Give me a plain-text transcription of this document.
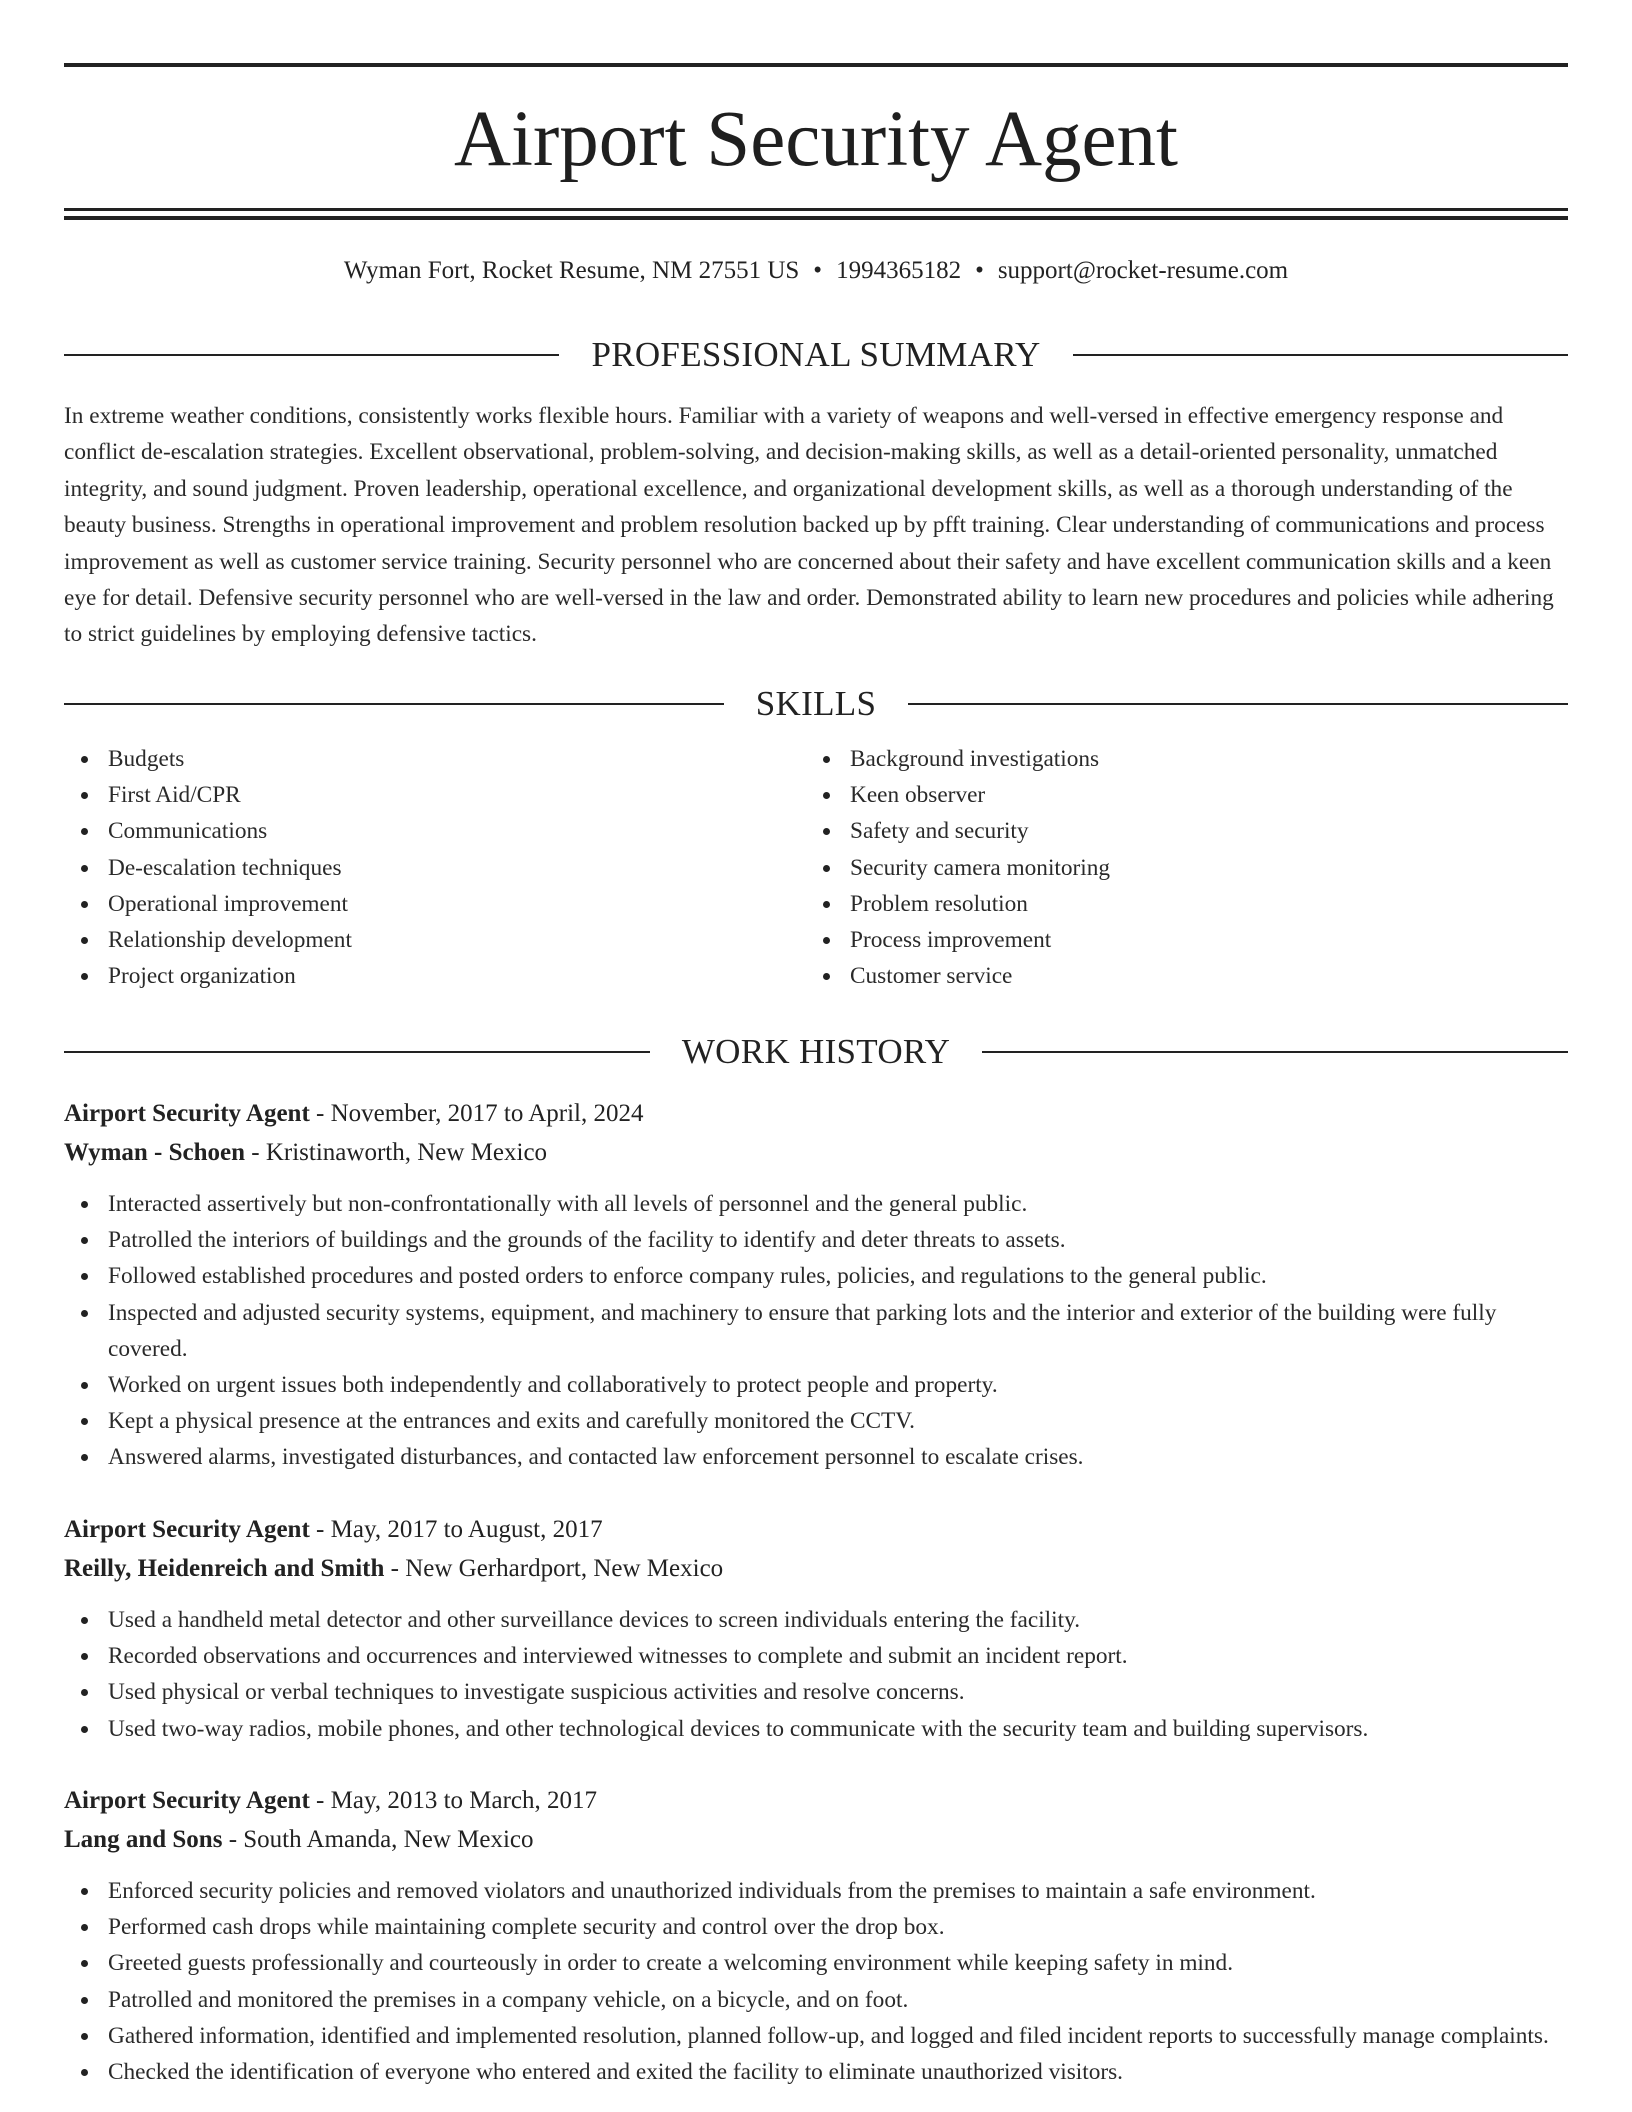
Airport Security Agent
Wyman Fort, Rocket Resume, NM 27551 US • 1994365182 • support@rocket-resume.com
PROFESSIONAL SUMMARY

In extreme weather conditions, consistently works flexible hours. Familiar with a variety of weapons and well-versed in effective emergency response and conflict de-escalation strategies. Excellent observational, problem-solving, and decision-making skills, as well as a detail-oriented personality, unmatched integrity, and sound judgment. Proven leadership, operational excellence, and organizational development skills, as well as a thorough understanding of the beauty business. Strengths in operational improvement and problem resolution backed up by pfft training. Clear understanding of communications and process improvement as well as customer service training. Security personnel who are concerned about their safety and have excellent communication skills and a keen eye for detail. Defensive security personnel who are well-versed in the law and order. Demonstrated ability to learn new procedures and policies while adhering to strict guidelines by employing defensive tactics.

SKILLS
Budgets
First Aid/CPR
Communications
De-escalation techniques
Operational improvement
Relationship development
Project organization
Background investigations
Keen observer
Safety and security
Security camera monitoring
Problem resolution
Process improvement
Customer service
WORK HISTORY
Airport Security Agent - November, 2017 to April, 2024
Wyman - Schoen - Kristinaworth, New Mexico
Interacted assertively but non-confrontationally with all levels of personnel and the general public.
Patrolled the interiors of buildings and the grounds of the facility to identify and deter threats to assets.
Followed established procedures and posted orders to enforce company rules, policies, and regulations to the general public.
Inspected and adjusted security systems, equipment, and machinery to ensure that parking lots and the interior and exterior of the building were fully covered.
Worked on urgent issues both independently and collaboratively to protect people and property.
Kept a physical presence at the entrances and exits and carefully monitored the CCTV.
Answered alarms, investigated disturbances, and contacted law enforcement personnel to escalate crises.
Airport Security Agent - May, 2017 to August, 2017
Reilly, Heidenreich and Smith - New Gerhardport, New Mexico
Used a handheld metal detector and other surveillance devices to screen individuals entering the facility.
Recorded observations and occurrences and interviewed witnesses to complete and submit an incident report.
Used physical or verbal techniques to investigate suspicious activities and resolve concerns.
Used two-way radios, mobile phones, and other technological devices to communicate with the security team and building supervisors.
Airport Security Agent - May, 2013 to March, 2017
Lang and Sons - South Amanda, New Mexico
Enforced security policies and removed violators and unauthorized individuals from the premises to maintain a safe environment.
Performed cash drops while maintaining complete security and control over the drop box.
Greeted guests professionally and courteously in order to create a welcoming environment while keeping safety in mind.
Patrolled and monitored the premises in a company vehicle, on a bicycle, and on foot.
Gathered information, identified and implemented resolution, planned follow-up, and logged and filed incident reports to successfully manage complaints.
Checked the identification of everyone who entered and exited the facility to eliminate unauthorized visitors.
